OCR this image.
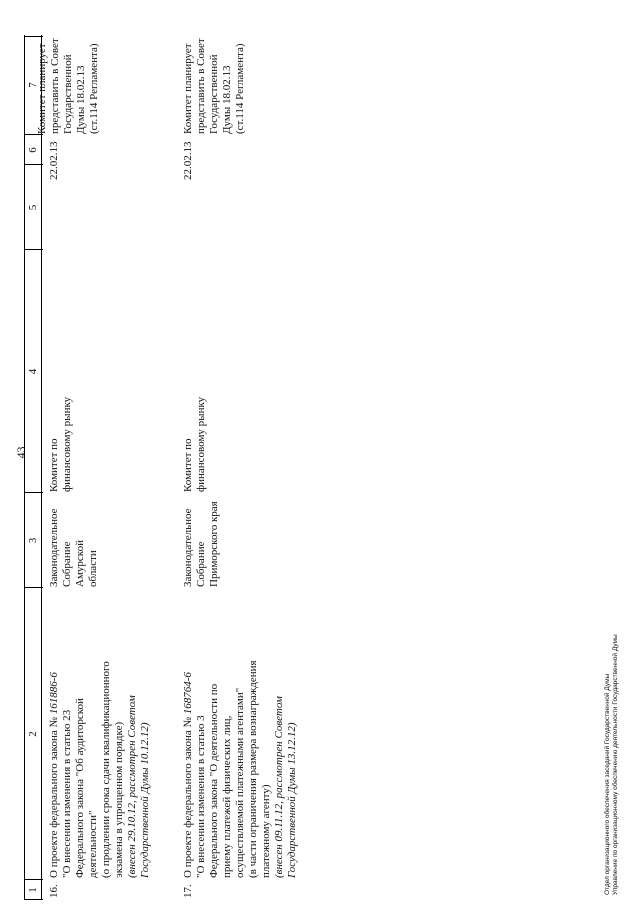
43
1
2
3
4
5
6
7
16.
О проекте федерального закона № 161886-6
"О внесении изменения в статью 23
Федерального закона "Об аудиторской
деятельности"
(о продлении срока сдачи квалификационного
экзамена в упрощенном порядке)
(внесен 29.10.12, рассмотрен Советом
Государственной Думы 10.12.12)
Законодательное
Собрание Амурской
области
Комитет по
финансовому рынку
22.02.13
Комитет планирует
представить в Совет
Государственной
Думы 18.02.13
(ст.114 Регламента)
17.
О проекте федерального закона № 168764-6
"О внесении изменения в статью 3
Федерального закона "О деятельности по
приему платежей физических лиц,
осуществляемой платежными агентами"
(в части ограничения размера вознаграждения
платежному агенту)
(внесен 09.11.12, рассмотрен Советом
Государственной Думы 13.12.12)
Законодательное
Собрание
Приморского края
Комитет по
финансовому рынку
22.02.13
Комитет планирует
представить в Совет
Государственной
Думы 18.02.13
(ст.114 Регламента)
Отдел организационного обеспечения заседаний Государственной Думы Управление по организационному обеспечению деятельности Государственной Думы
